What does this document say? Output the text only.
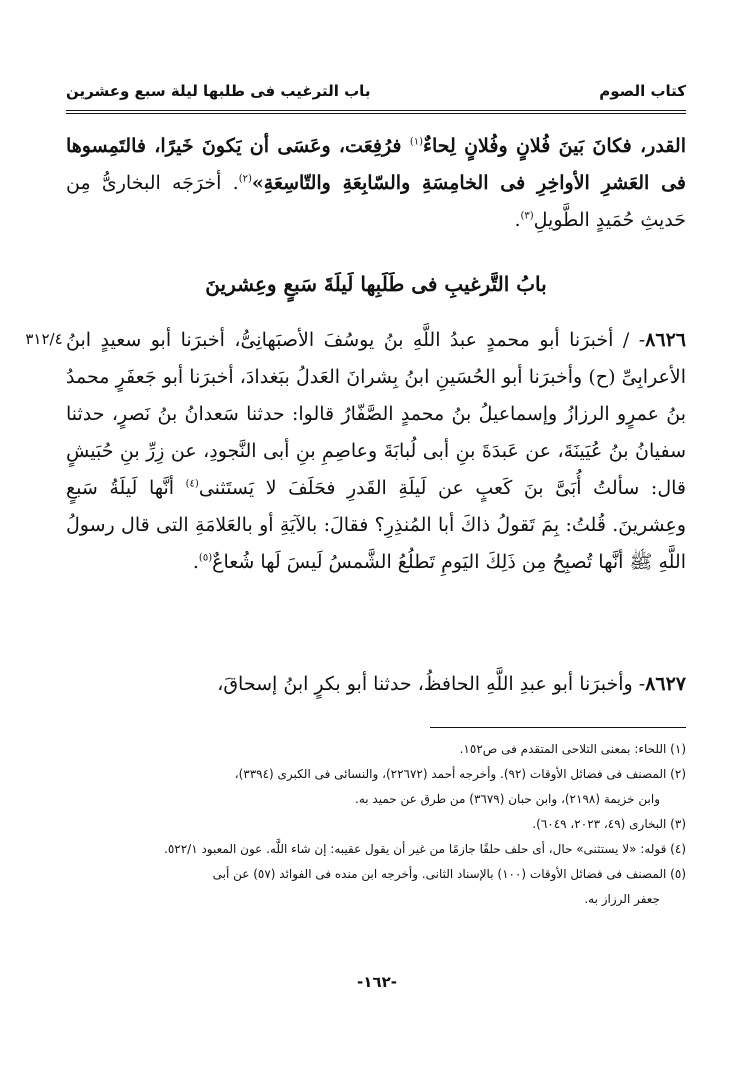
كتاب الصوم
باب الترغيب فى طلبها ليلة سبع وعشرين
القدر، فكانَ بَينَ فُلانٍ وفُلانٍ لِحاءٌ$^{(١)}$ فرُفِعَت، وعَسَى أن يَكونَ خَيرًا، فالتَمِسوها فى العَشرِ الأواخِرِ فى الخامِسَةِ والسّابِعَةِ والتّاسِعَةِ»$^{(٢)}$. أخرَجَه البخارىُّ مِن حَديثِ حُمَيدٍ الطَّويلِ$^{(٣)}$.
بابُ التَّرغيبِ فى طَلَبِها لَيلَةَ سَبعٍ وعِشرينَ
٣١٢/٤	٨٦٢٦- / أخبرَنا أبو محمدٍ عبدُ اللَّهِ بنُ يوسُفَ الأصبَهانِىُّ، أخبرَنا أبو سعيدٍ ابنُ الأعرابِىِّ (ح) وأخبرَنا أبو الحُسَينِ ابنُ بِشرانَ العَدلُ ببَغدادَ، أخبرَنا أبو جَعفَرٍ محمدُ بنُ عمرٍو الرزازُ وإسماعيلُ بنُ محمدٍ الصَّفّارُ قالوا: حدثنا سَعدانُ بنُ نَصرٍ، حدثنا سفيانُ بنُ عُيَينَةَ، عن عَبدَةَ بنِ أبى لُبابَةَ وعاصِمِ بنِ أبى النَّجودِ، عن زِرِّ بنِ حُبَيشٍ قال: سألتُ أُبَىَّ بنَ كَعبٍ عن لَيلَةِ القَدرِ فحَلَفَ لا يَستَثنى$^{(٤)}$ أنَّها لَيلَةُ سَبعٍ وعِشرينَ. قُلتُ: بِمَ تَقولُ ذاكَ أبا المُنذِرِ؟ فقالَ: بالآيَةِ أو بالعَلامَةِ التى قال رسولُ اللَّهِ ﷺ أنَّها تُصبِحُ مِن ذَلِكَ اليَومِ تَطلُعُ الشَّمسُ لَيسَ لَها شُعاعٌ$^{(٥)}$.
٨٦٢٧- وأخبرَنا أبو عبدِ اللَّهِ الحافظُ، حدثنا أبو بكرٍ ابنُ إسحاقَ،

(١) اللحاء: بمعنى التلاحى المتقدم فى ص١٥٢.

(٢) المصنف فى فضائل الأوقات (٩٢). وأخرجه أحمد (٢٢٦٧٢)، والنسائى فى الكبرى (٣٣٩٤)،

وابن خزيمة (٢١٩٨)، وابن حبان (٣٦٧٩) من طرق عن حميد به.

(٣) البخارى (٤٩، ٢٠٢٣، ٦٠٤٩).

(٤) قوله: «لا يستثنى» حال، أى حلف حلفًا جازمًا من غير أن يقول عقيبه: إن شاء اللَّه. عون المعبود ٥٢٢/١.

(٥) المصنف فى فضائل الأوقات (١٠٠) بالإسناد الثانى. وأخرجه ابن منده فى الفوائد (٥٧) عن أبى

جعفر الرزاز به.

-١٦٢-
